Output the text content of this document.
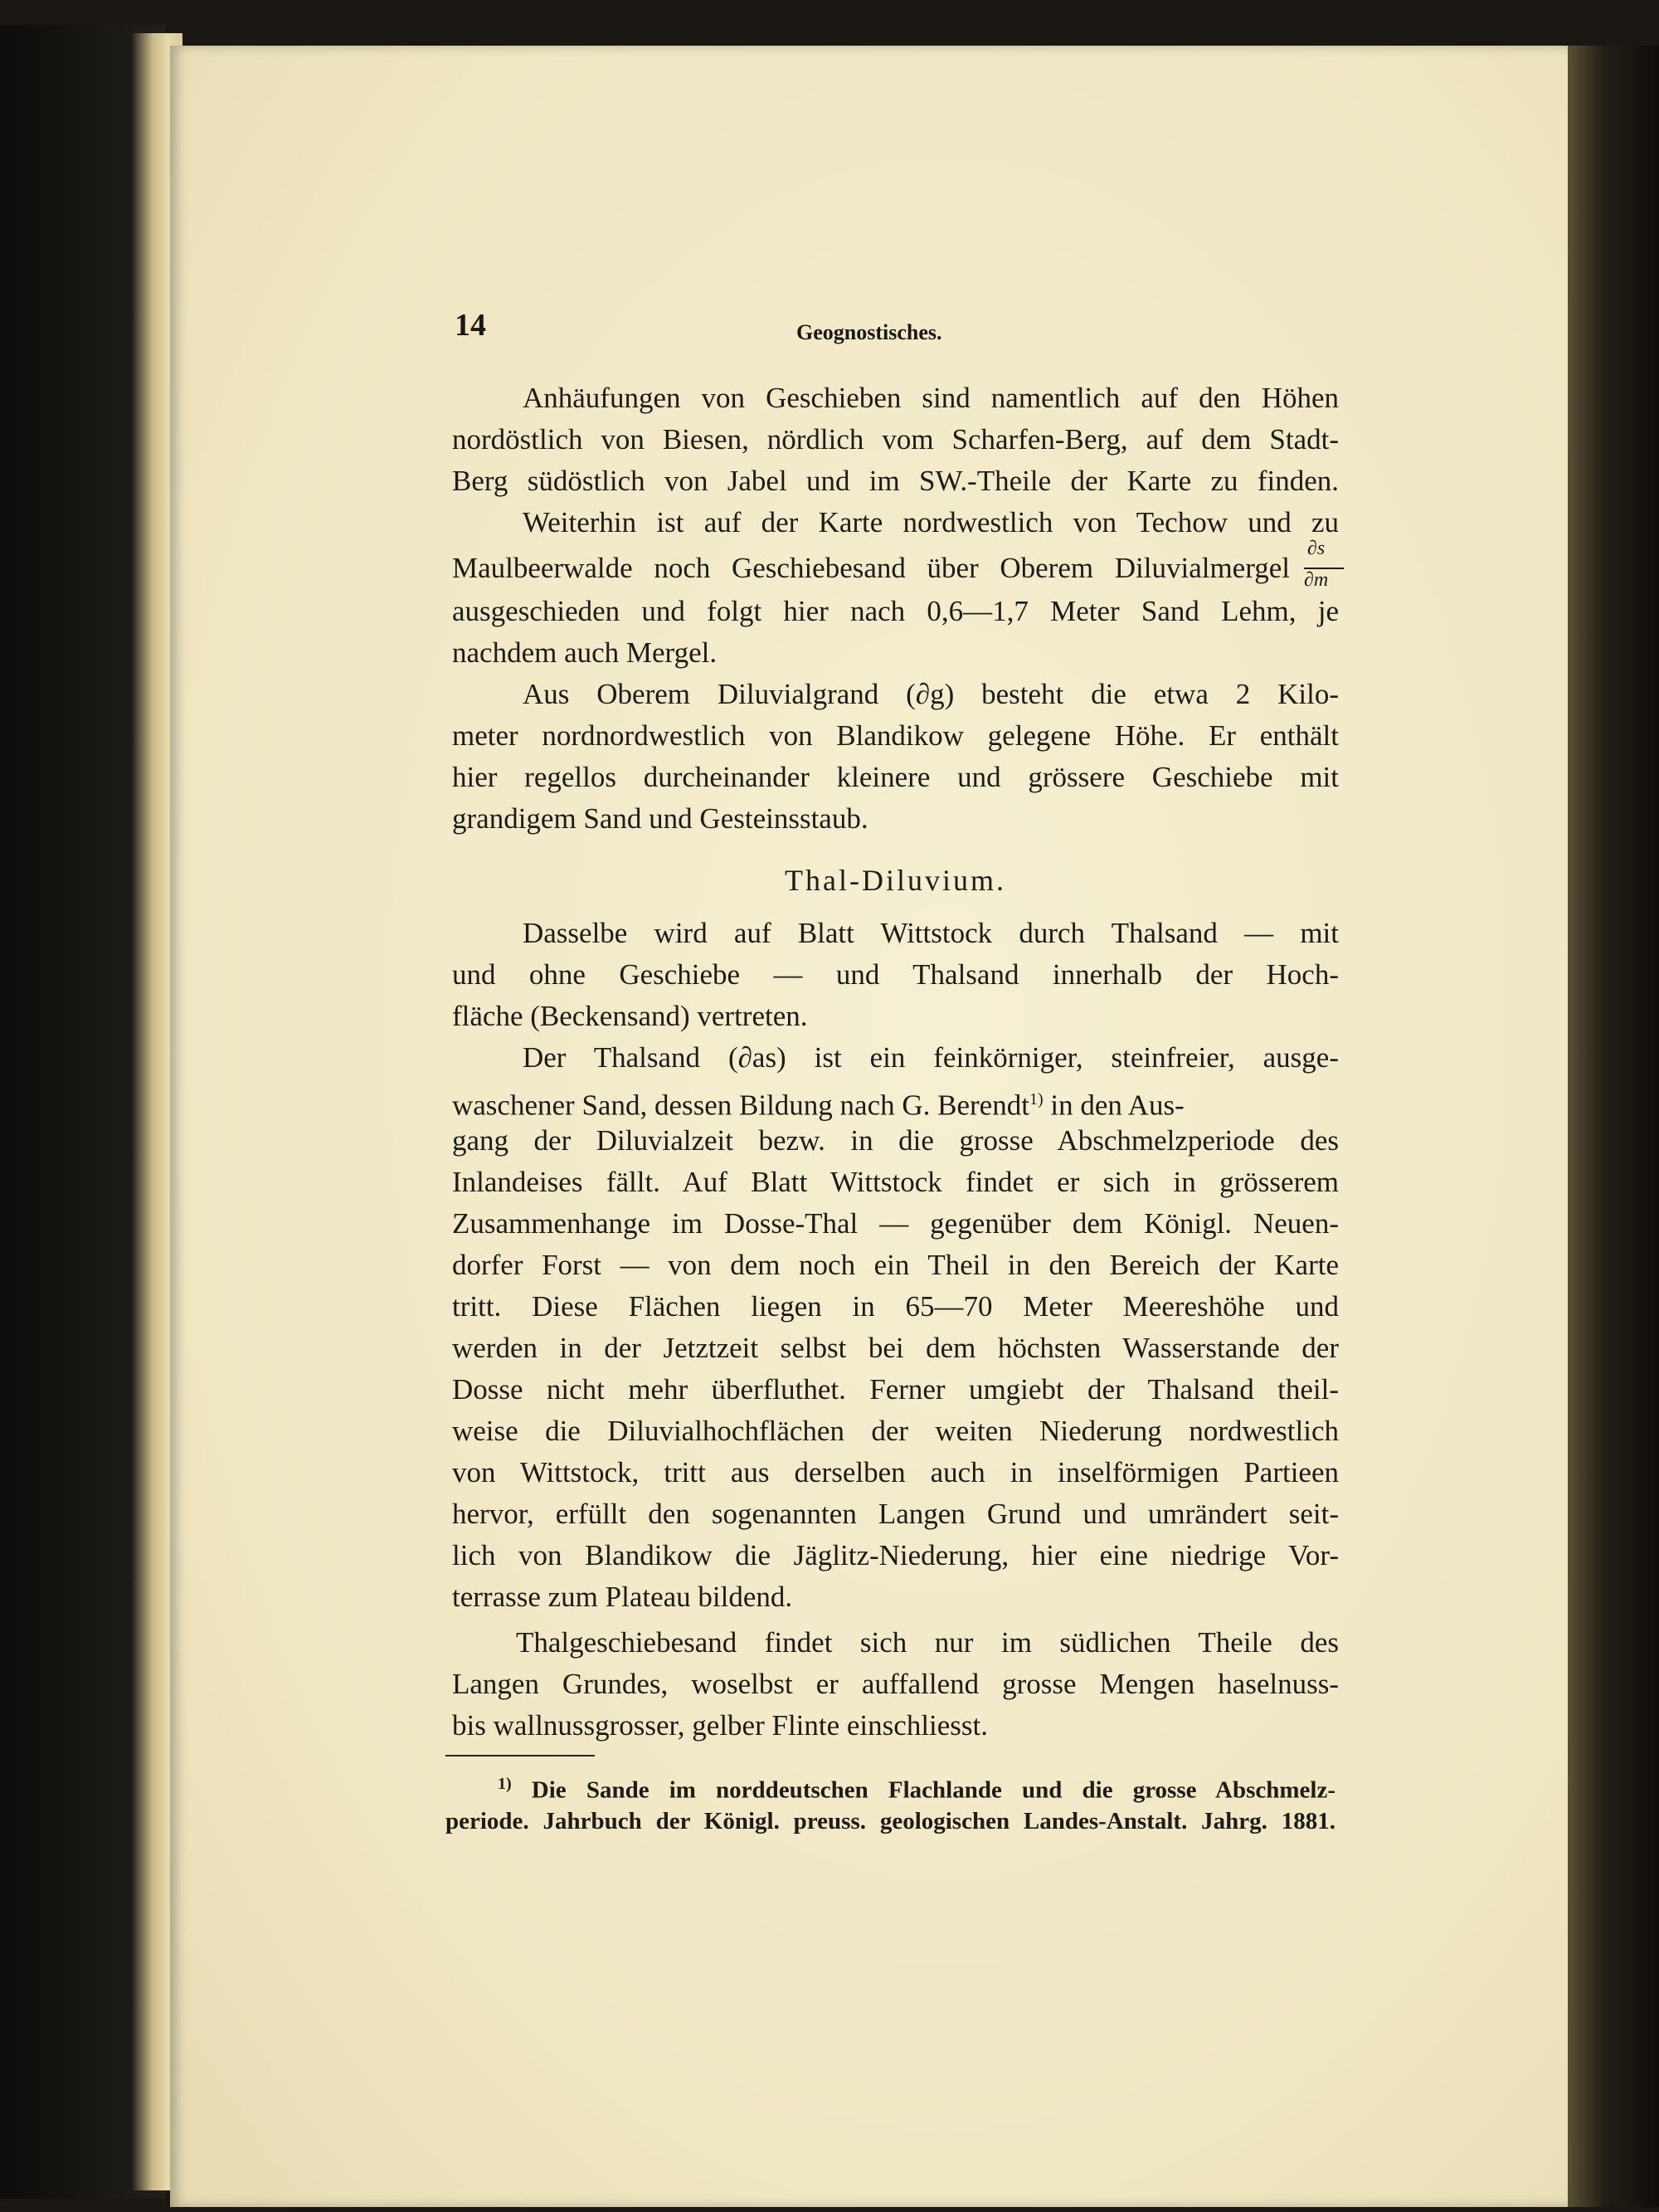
14	Geognostisches.
Anhäufungen von Geschieben sind namentlich auf den Höhen
nordöstlich von Biesen, nördlich vom Scharfen-Berg, auf dem Stadt-
Berg südöstlich von Jabel und im SW.-Theile der Karte zu finden.
Weiterhin ist auf der Karte nordwestlich von Techow und zu
Maulbeerwalde noch Geschiebesand über Oberem Diluvialmergel
ausgeschieden und folgt hier nach 0,6—1,7 Meter Sand Lehm, je
nachdem auch Mergel.
Aus Oberem Diluvialgrand (∂g) besteht die etwa 2 Kilo-
meter nordnordwestlich von Blandikow gelegene Höhe. Er enthält
hier regellos durcheinander kleinere und grössere Geschiebe mit
grandigem Sand und Gesteinsstaub.
Thal-Diluvium.
Dasselbe wird auf Blatt Wittstock durch Thalsand — mit
und ohne Geschiebe — und Thalsand innerhalb der Hoch-
fläche (Beckensand) vertreten.
Der Thalsand (∂as) ist ein feinkörniger, steinfreier, ausge-
waschener Sand, dessen Bildung nach G. Berendt$^{1)}$ in den Aus-
gang der Diluvialzeit bezw. in die grosse Abschmelzperiode des
Inlandeises fällt. Auf Blatt Wittstock findet er sich in grösserem
Zusammenhange im Dosse-Thal — gegenüber dem Königl. Neuen-
dorfer Forst — von dem noch ein Theil in den Bereich der Karte
tritt. Diese Flächen liegen in 65—70 Meter Meereshöhe und
werden in der Jetztzeit selbst bei dem höchsten Wasserstande der
Dosse nicht mehr überfluthet. Ferner umgiebt der Thalsand theil-
weise die Diluvialhochflächen der weiten Niederung nordwestlich
von Wittstock, tritt aus derselben auch in inselförmigen Partieen
hervor, erfüllt den sogenannten Langen Grund und umrändert seit-
lich von Blandikow die Jäglitz-Niederung, hier eine niedrige Vor-
terrasse zum Plateau bildend.
Thalgeschiebesand findet sich nur im südlichen Theile des
Langen Grundes, woselbst er auffallend grosse Mengen haselnuss-
bis wallnussgrosser, gelber Flinte einschliesst.
∂s
∂m
$^{1)}$ Die Sande im norddeutschen Flachlande und die grosse Abschmelz-
periode. Jahrbuch der Königl. preuss. geologischen Landes-Anstalt. Jahrg. 1881.
